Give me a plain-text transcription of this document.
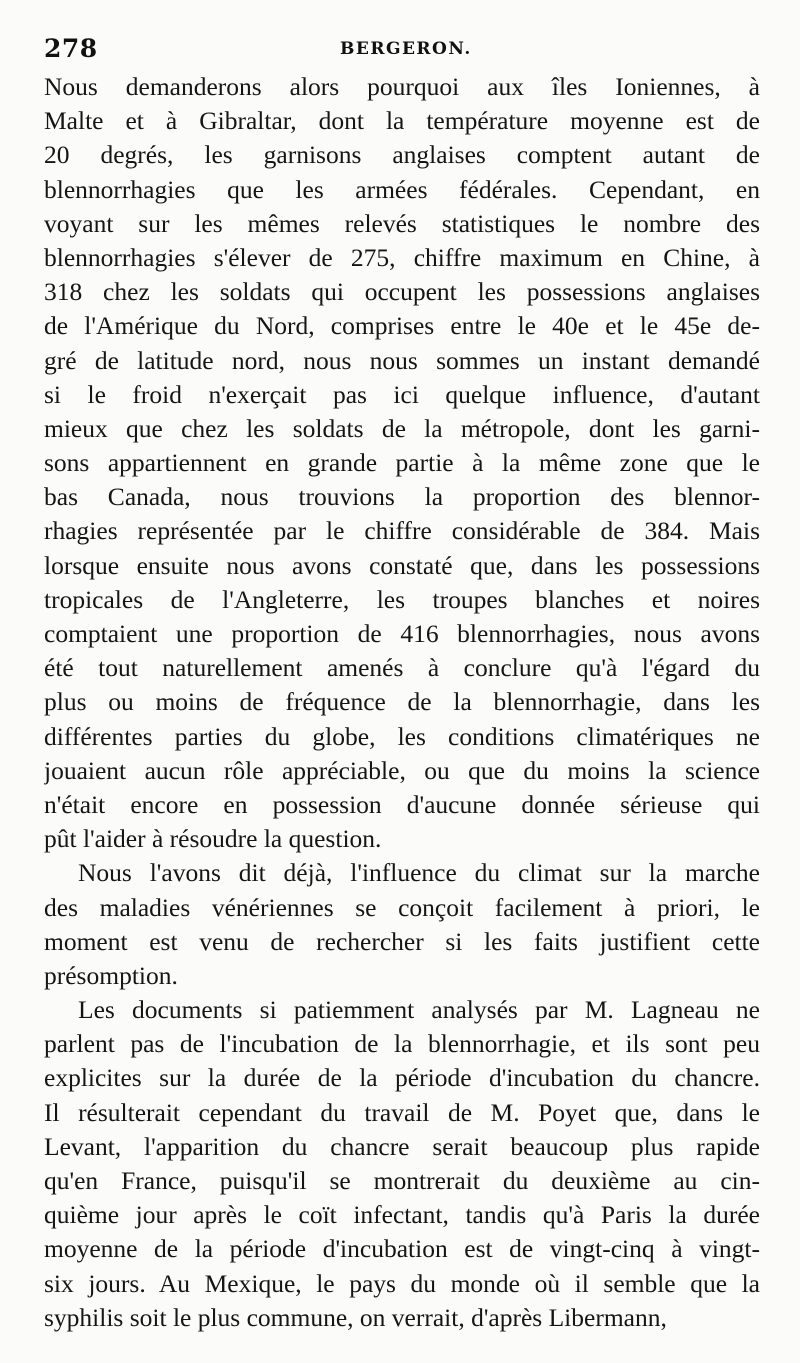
278	BERGERON.
Nous demanderons alors pourquoi aux îles Ioniennes, à
Malte et à Gibraltar, dont la température moyenne est de
20 degrés, les garnisons anglaises comptent autant de
blennorrhagies que les armées fédérales. Cependant, en
voyant sur les mêmes relevés statistiques le nombre des
blennorrhagies s'élever de 275, chiffre maximum en Chine, à
318 chez les soldats qui occupent les possessions anglaises
de l'Amérique du Nord, comprises entre le 40e et le 45e de-
gré de latitude nord, nous nous sommes un instant demandé
si le froid n'exerçait pas ici quelque influence, d'autant
mieux que chez les soldats de la métropole, dont les garni-
sons appartiennent en grande partie à la même zone que le
bas Canada, nous trouvions la proportion des blennor-
rhagies représentée par le chiffre considérable de 384. Mais
lorsque ensuite nous avons constaté que, dans les possessions
tropicales de l'Angleterre, les troupes blanches et noires
comptaient une proportion de 416 blennorrhagies, nous avons
été tout naturellement amenés à conclure qu'à l'égard du
plus ou moins de fréquence de la blennorrhagie, dans les
différentes parties du globe, les conditions climatériques ne
jouaient aucun rôle appréciable, ou que du moins la science
n'était encore en possession d'aucune donnée sérieuse qui
pût l'aider à résoudre la question.
Nous l'avons dit déjà, l'influence du climat sur la marche
des maladies vénériennes se conçoit facilement à priori, le
moment est venu de rechercher si les faits justifient cette
présomption.
Les documents si patiemment analysés par M. Lagneau ne
parlent pas de l'incubation de la blennorrhagie, et ils sont peu
explicites sur la durée de la période d'incubation du chancre.
Il résulterait cependant du travail de M. Poyet que, dans le
Levant, l'apparition du chancre serait beaucoup plus rapide
qu'en France, puisqu'il se montrerait du deuxième au cin-
quième jour après le coït infectant, tandis qu'à Paris la durée
moyenne de la période d'incubation est de vingt-cinq à vingt-
six jours. Au Mexique, le pays du monde où il semble que la
syphilis soit le plus commune, on verrait, d'après Libermann,
